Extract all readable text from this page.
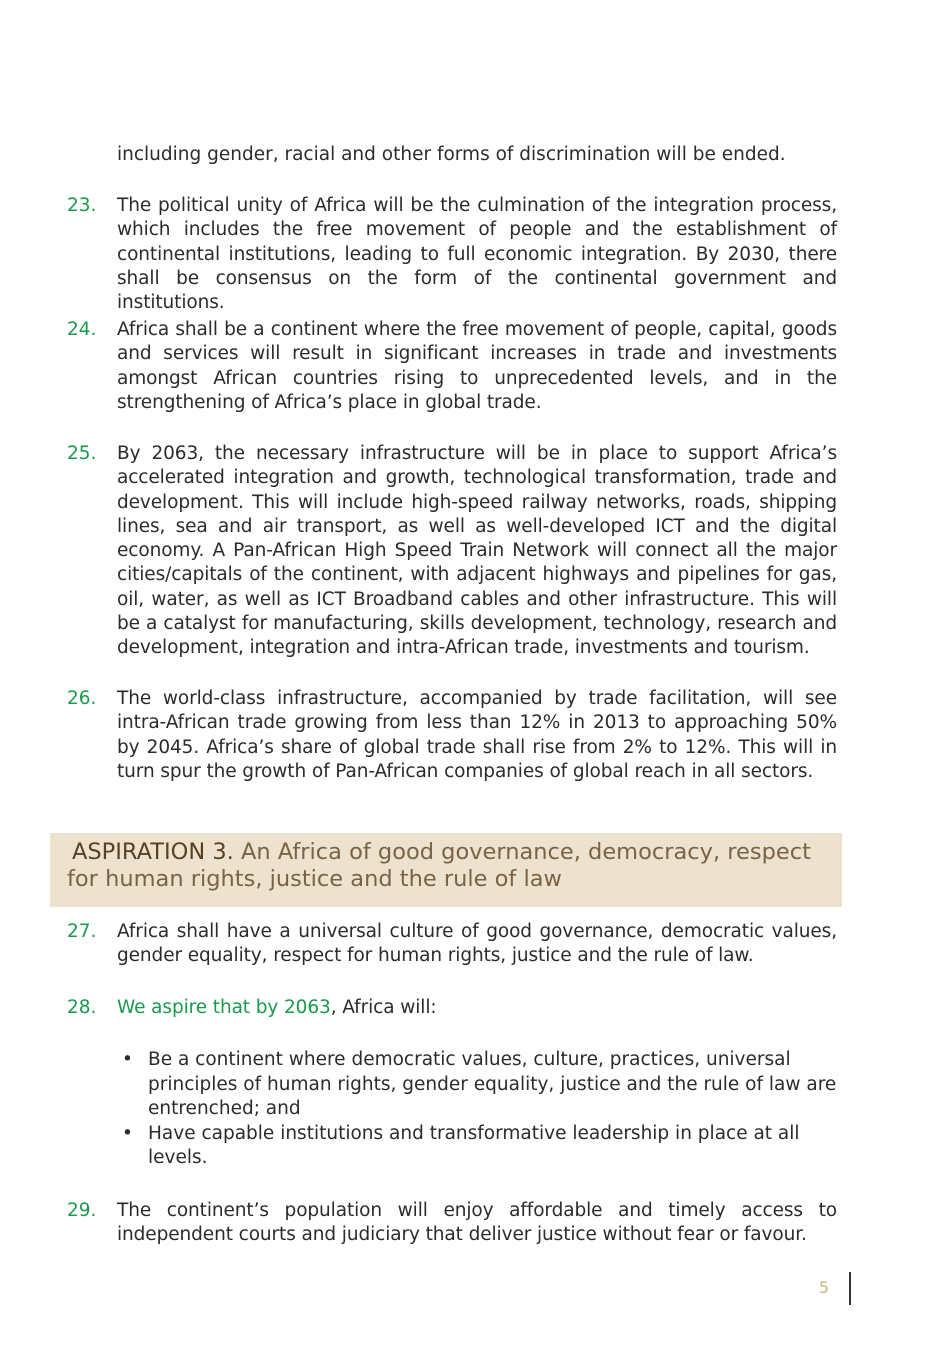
including gender, racial and other forms of discrimination will be ended.
23. The political unity of Africa will be the culmination of the integration process, which includes the free movement of people and the establishment of continental institutions, leading to full economic integration. By 2030, there shall be consensus on the form of the continental government and institutions.
24. Africa shall be a continent where the free movement of people, capital, goods and services will result in significant increases in trade and investments amongst African countries rising to unprecedented levels, and in the strengthening of Africa’s place in global trade.
25. By 2063, the necessary infrastructure will be in place to support Africa’s accelerated integration and growth, technological transformation, trade and development. This will include high-speed railway networks, roads, shipping lines, sea and air transport, as well as well-developed ICT and the digital economy. A Pan-African High Speed Train Network will connect all the major cities/capitals of the continent, with adjacent highways and pipelines for gas, oil, water, as well as ICT Broadband cables and other infrastructure. This will be a catalyst for manufacturing, skills development, technology, research and development, integration and intra-African trade, investments and tourism.
26. The world-class infrastructure, accompanied by trade facilitation, will see intra-African trade growing from less than 12% in 2013 to approaching 50% by 2045. Africa’s share of global trade shall rise from 2% to 12%. This will in turn spur the growth of Pan-African companies of global reach in all sectors.
ASPIRATION 3. An Africa of good governance, democracy, respect for human rights, justice and the rule of law
27. Africa shall have a universal culture of good governance, democratic values, gender equality, respect for human rights, justice and the rule of law.
28. We aspire that by 2063, Africa will:
• Be a continent where democratic values, culture, practices, universal principles of human rights, gender equality, justice and the rule of law are entrenched; and
• Have capable institutions and transformative leadership in place at all levels.
29. The continent’s population will enjoy affordable and timely access to independent courts and judiciary that deliver justice without fear or favour.
5
